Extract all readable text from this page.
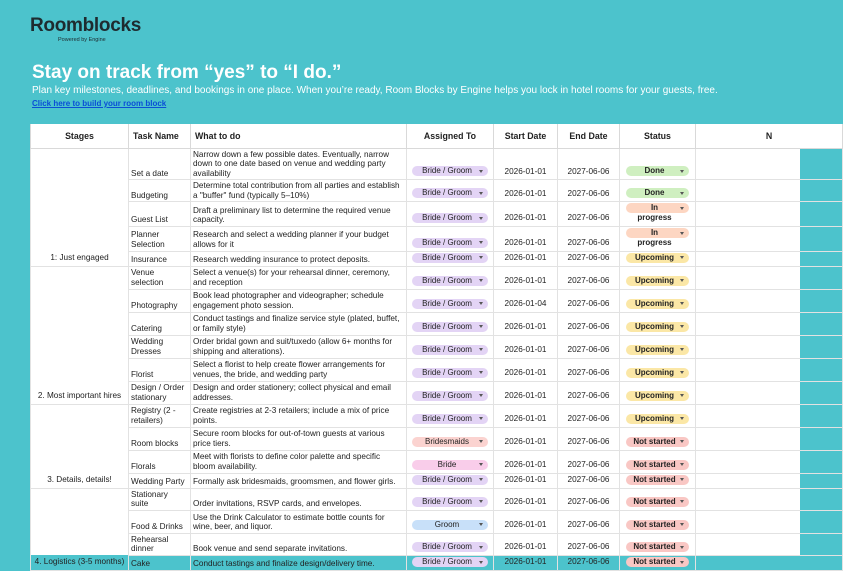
Roomblocks
Powered by Engine
Stay on track from “yes” to “I do.”
Plan key milestones, deadlines, and bookings in one place. When you’re ready, Room Blocks by Engine helps you lock in hotel rooms for your guests, free.
Click here to build your room block
Stages	Task Name	What to do	Assigned To	Start Date	End Date	Status	N
1: Just engaged	Set a date	Narrow down a few possible dates. Eventually, narrow down to one date based on venue and wedding party availability	Bride / Groom	2026-01-01	2027-06-06	Done	
	Budgeting	Determine total contribution from all parties and establish a "buffer" fund (typically 5–10%)	Bride / Groom	2026-01-01	2027-06-06	Done	
	Guest List	Draft a preliminary list to determine the required venue capacity.	Bride / Groom	2026-01-01	2027-06-06	In progress	
	Planner Selection	Research and select a wedding planner if your budget allows for it	Bride / Groom	2026-01-01	2027-06-06	In progress	
	Insurance	Research wedding insurance to protect deposits.	Bride / Groom	2026-01-01	2027-06-06	Upcoming	
2. Most important hires	Venue selection	Select a venue(s) for your rehearsal dinner, ceremony, and reception	Bride / Groom	2026-01-01	2027-06-06	Upcoming	
	Photography	Book lead photographer and videographer; schedule engagement photo session.	Bride / Groom	2026-01-04	2027-06-06	Upcoming	
	Catering	Conduct tastings and finalize service style (plated, buffet, or family style)	Bride / Groom	2026-01-01	2027-06-06	Upcoming	
	Wedding Dresses	Order bridal gown and suit/tuxedo (allow 6+ months for shipping and alterations).	Bride / Groom	2026-01-01	2027-06-06	Upcoming	
	Florist	Select a florist to help create flower arrangements for venues, the bride, and wedding party	Bride / Groom	2026-01-01	2027-06-06	Upcoming	
	Design / Order stationary	Design and order stationery; collect physical and email addresses.	Bride / Groom	2026-01-01	2027-06-06	Upcoming	
3. Details, details!	Registry (2 - retailers)	Create registries at 2-3 retailers; include a mix of price points.	Bride / Groom	2026-01-01	2027-06-06	Upcoming	
	Room blocks	Secure room blocks for out-of-town guests at various price tiers.	Bridesmaids	2026-01-01	2027-06-06	Not started	
	Florals	Meet with florists to define color palette and specific bloom availability.	Bride	2026-01-01	2027-06-06	Not started	
	Wedding Party	Formally ask bridesmaids, groomsmen, and flower girls.	Bride / Groom	2026-01-01	2027-06-06	Not started	
4. Logistics (3-5 months)	Stationary suite	Order invitations, RSVP cards, and envelopes.	Bride / Groom	2026-01-01	2027-06-06	Not started	
	Food & Drinks	Use the Drink Calculator to estimate bottle counts for wine, beer, and liquor.	Groom	2026-01-01	2027-06-06	Not started	
	Rehearsal dinner	Book venue and send separate invitations.	Bride / Groom	2026-01-01	2027-06-06	Not started	
	Cake	Conduct tastings and finalize design/delivery time.	Bride / Groom	2026-01-01	2027-06-06	Not started	
